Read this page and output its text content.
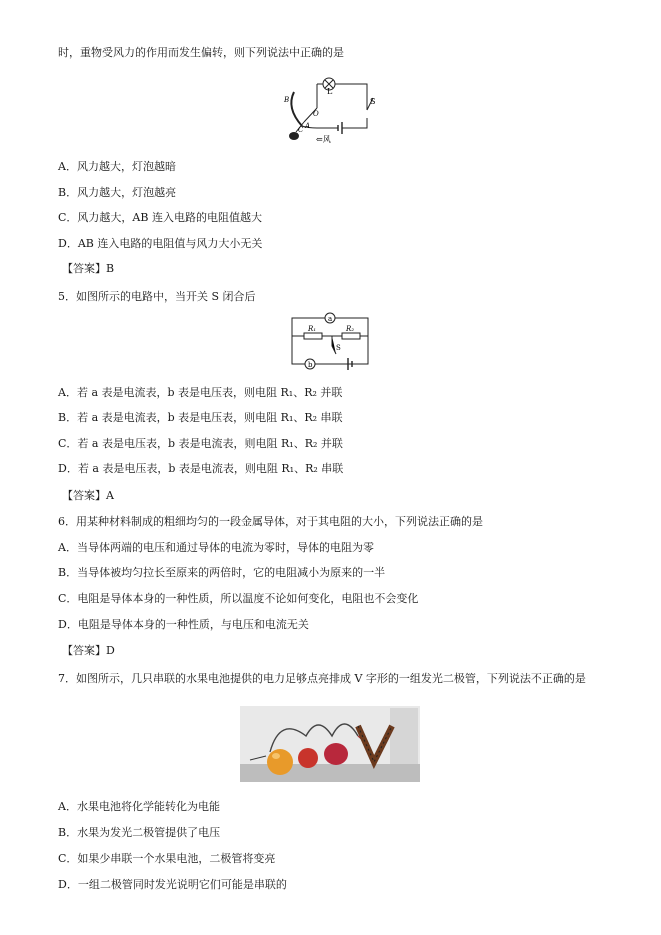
时，重物受风力的作用而发生偏转，则下列说法中正确的是
L
S
B
O
C A
⇐风
A．风力越大，灯泡越暗
B．风力越大，灯泡越亮
C．风力越大，AB 连入电路的电阻值越大
D．AB 连入电路的电阻值与风力大小无关
【答案】B
5．如图所示的电路中，当开关 S 闭合后
a
R₁	R₂
S
b
A．若 a 表是电流表，b 表是电压表，则电阻 R₁、R₂ 并联
B．若 a 表是电流表，b 表是电压表，则电阻 R₁、R₂ 串联
C．若 a 表是电压表，b 表是电流表，则电阻 R₁、R₂ 并联
D．若 a 表是电压表，b 表是电流表，则电阻 R₁、R₂ 串联
【答案】A
6．用某种材料制成的粗细均匀的一段金属导体，对于其电阻的大小，下列说法正确的是
A．当导体两端的电压和通过导体的电流为零时，导体的电阻为零
B．当导体被均匀拉长至原来的两倍时，它的电阻减小为原来的一半
C．电阻是导体本身的一种性质，所以温度不论如何变化，电阻也不会变化
D．电阻是导体本身的一种性质，与电压和电流无关
【答案】D
7．如图所示，几只串联的水果电池提供的电力足够点亮排成 V 字形的一组发光二极管，下列说法不正确的是
A．水果电池将化学能转化为电能
B．水果为发光二极管提供了电压
C．如果少串联一个水果电池，二极管将变亮
D．一组二极管同时发光说明它们可能是串联的
